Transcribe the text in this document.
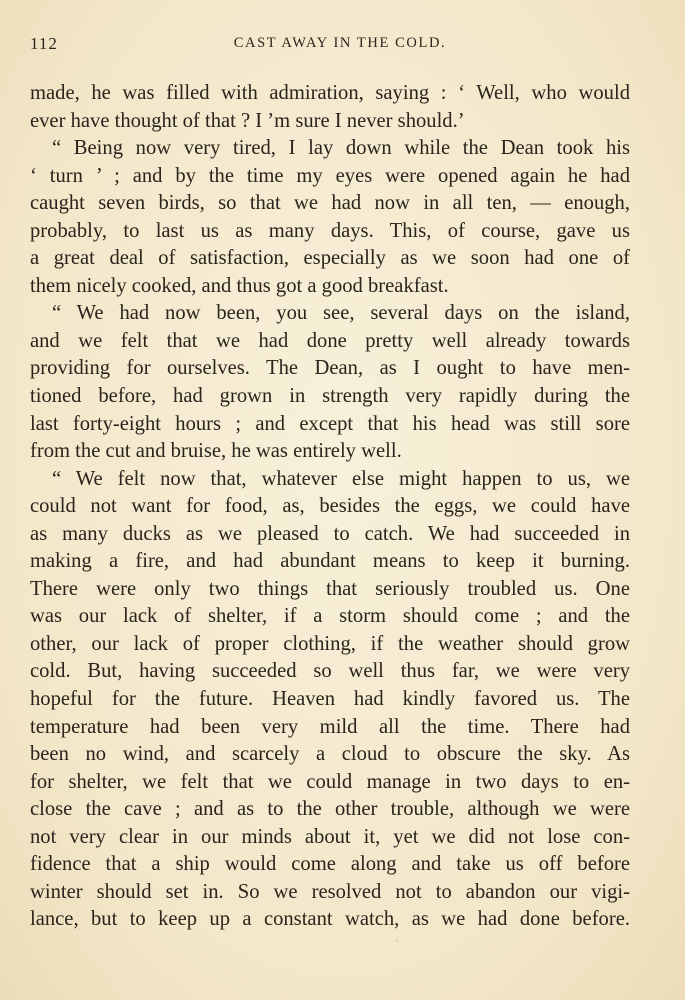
112	CAST AWAY IN THE COLD.
made, he was filled with admiration, saying : ‘ Well, who would
ever have thought of that ? I ’m sure I never should.’
“ Being now very tired, I lay down while the Dean took his
‘ turn ’ ; and by the time my eyes were opened again he had
caught seven birds, so that we had now in all ten, — enough,
probably, to last us as many days. This, of course, gave us
a great deal of satisfaction, especially as we soon had one of
them nicely cooked, and thus got a good breakfast.
“ We had now been, you see, several days on the island,
and we felt that we had done pretty well already towards
providing for ourselves. The Dean, as I ought to have men-
tioned before, had grown in strength very rapidly during the
last forty-eight hours ; and except that his head was still sore
from the cut and bruise, he was entirely well.
“ We felt now that, whatever else might happen to us, we
could not want for food, as, besides the eggs, we could have
as many ducks as we pleased to catch. We had succeeded in
making a fire, and had abundant means to keep it burning.
There were only two things that seriously troubled us. One
was our lack of shelter, if a storm should come ; and the
other, our lack of proper clothing, if the weather should grow
cold. But, having succeeded so well thus far, we were very
hopeful for the future. Heaven had kindly favored us. The
temperature had been very mild all the time. There had
been no wind, and scarcely a cloud to obscure the sky. As
for shelter, we felt that we could manage in two days to en-
close the cave ; and as to the other trouble, although we were
not very clear in our minds about it, yet we did not lose con-
fidence that a ship would come along and take us off before
winter should set in. So we resolved not to abandon our vigi-
lance, but to keep up a constant watch, as we had done before.
